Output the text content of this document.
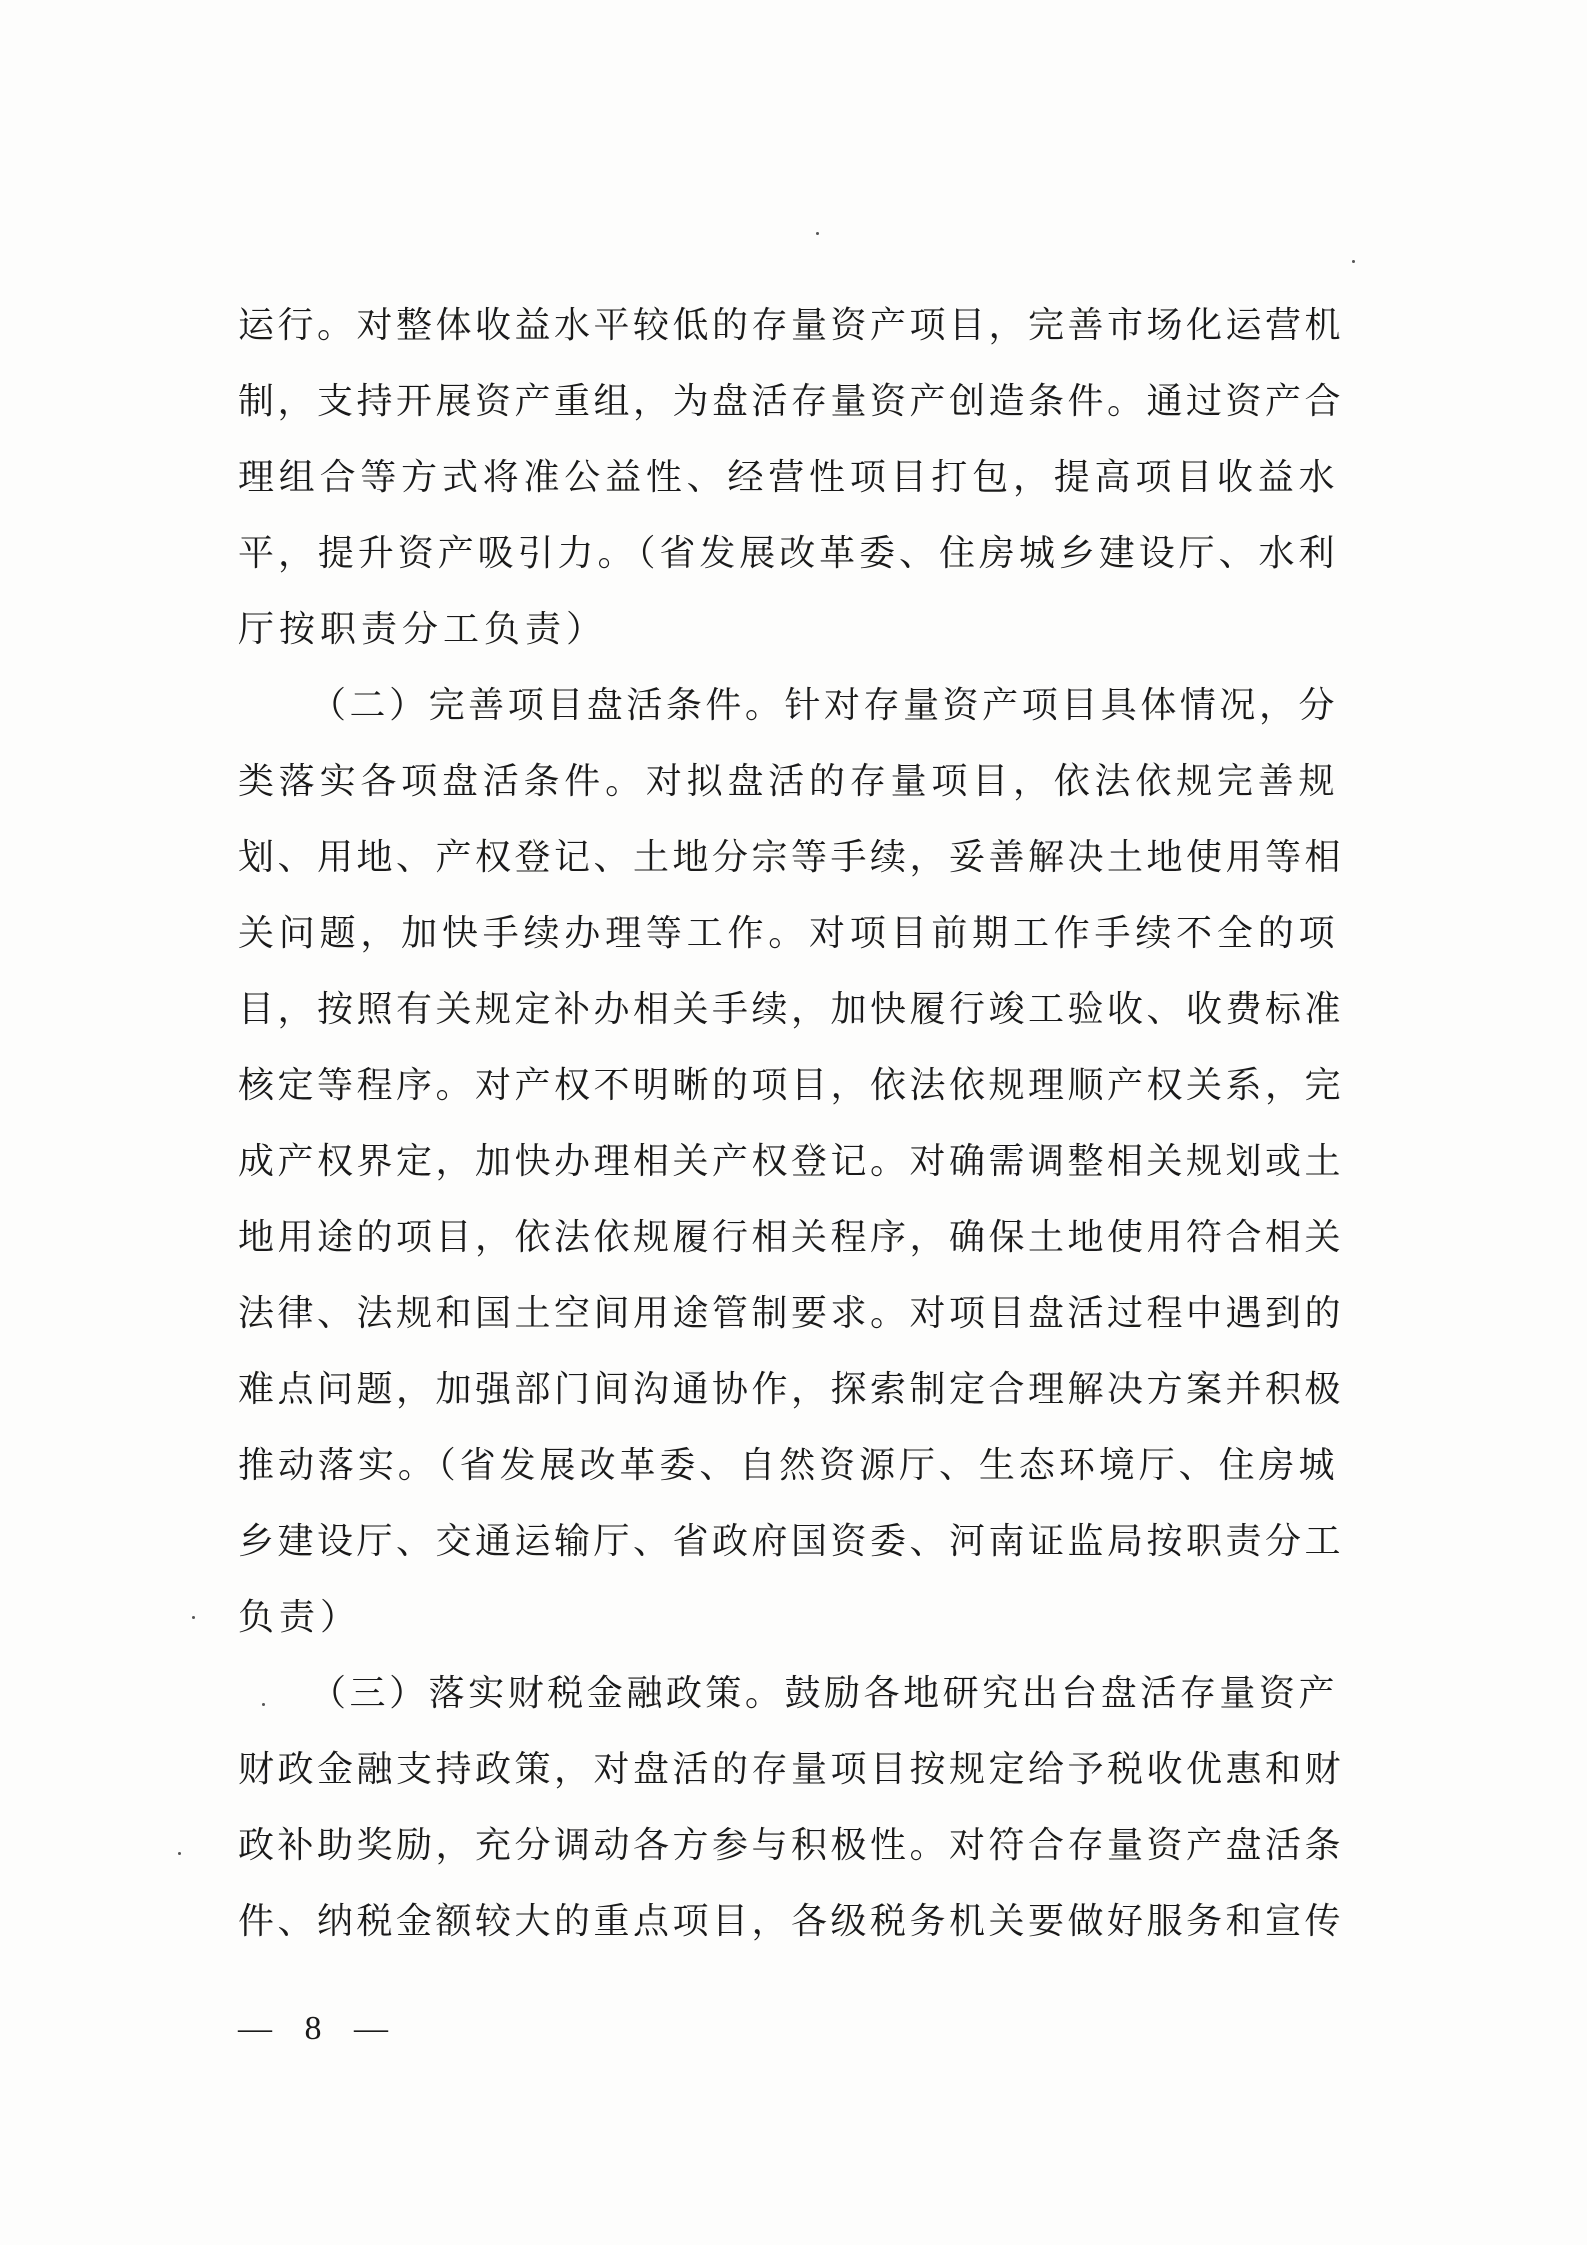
运行。对整体收益水平较低的存量资产项目，完善市场化运营机
制，支持开展资产重组，为盘活存量资产创造条件。通过资产合
理组合等方式将准公益性、经营性项目打包，提高项目收益水
平，提升资产吸引力。（省发展改革委、住房城乡建设厅、水利
厅按职责分工负责）
（二）完善项目盘活条件。针对存量资产项目具体情况，分
类落实各项盘活条件。对拟盘活的存量项目，依法依规完善规
划、用地、产权登记、土地分宗等手续，妥善解决土地使用等相
关问题，加快手续办理等工作。对项目前期工作手续不全的项
目，按照有关规定补办相关手续，加快履行竣工验收、收费标准
核定等程序。对产权不明晰的项目，依法依规理顺产权关系，完
成产权界定，加快办理相关产权登记。对确需调整相关规划或土
地用途的项目，依法依规履行相关程序，确保土地使用符合相关
法律、法规和国土空间用途管制要求。对项目盘活过程中遇到的
难点问题，加强部门间沟通协作，探索制定合理解决方案并积极
推动落实。（省发展改革委、自然资源厅、生态环境厅、住房城
乡建设厅、交通运输厅、省政府国资委、河南证监局按职责分工
负责）
（三）落实财税金融政策。鼓励各地研究出台盘活存量资产
财政金融支持政策，对盘活的存量项目按规定给予税收优惠和财
政补助奖励，充分调动各方参与积极性。对符合存量资产盘活条
件、纳税金额较大的重点项目，各级税务机关要做好服务和宣传
— 8 —
